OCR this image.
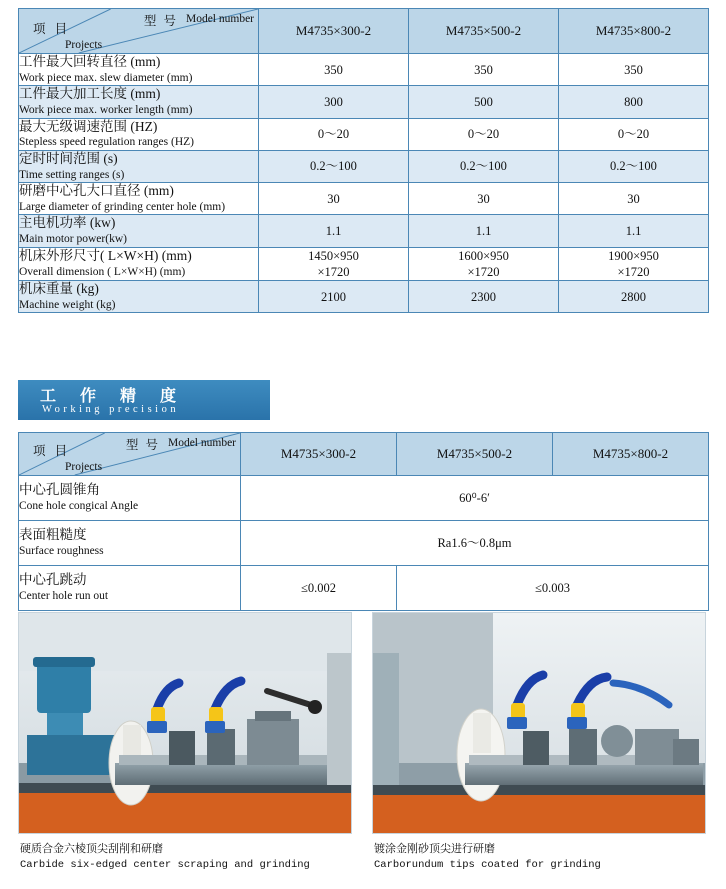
型 号 Model number
项 目
Projects	M4735×300-2	M4735×500-2	M4735×800-2

工件最大回转直径 (mm)
Work piece max. slew diameter (mm)	350	350	350

工件最大加工长度 (mm)
Work piece max. worker length (mm)	300	500	800

最大无级调速范围 (HZ)
Stepless speed regulation ranges (HZ)	0～20	0～20	0～20

定时时间范围 (s)
Time setting ranges (s)	0.2～100	0.2～100	0.2～100

研磨中心孔大口直径 (mm)
Large diameter of grinding center hole (mm)	30	30	30

主电机功率 (kw)
Main motor power(kw)	1.1	1.1	1.1

机床外形尺寸( L×W×H) (mm)
Overall dimension ( L×W×H) (mm)	1450×950
×1720	1600×950
×1720	1900×950
×1720

机床重量 (kg)
Machine weight (kg)	2100	2300	2800
工 作 精 度
Working precision
型 号 Model number
项 目
Projects	M4735×300-2	M4735×500-2	M4735×800-2

中心孔圆锥角
Cone hole congical Angle	60⁰-6′		

表面粗糙度
Surface roughness	Ra1.6～0.8μm		

中心孔跳动
Center hole run out	≤0.002	≤0.003	
硬质合金六棱顶尖刮削和研磨
Carbide six-edged center scraping and grinding
镀涂金刚砂顶尖进行研磨
Carborundum tips coated for grinding
